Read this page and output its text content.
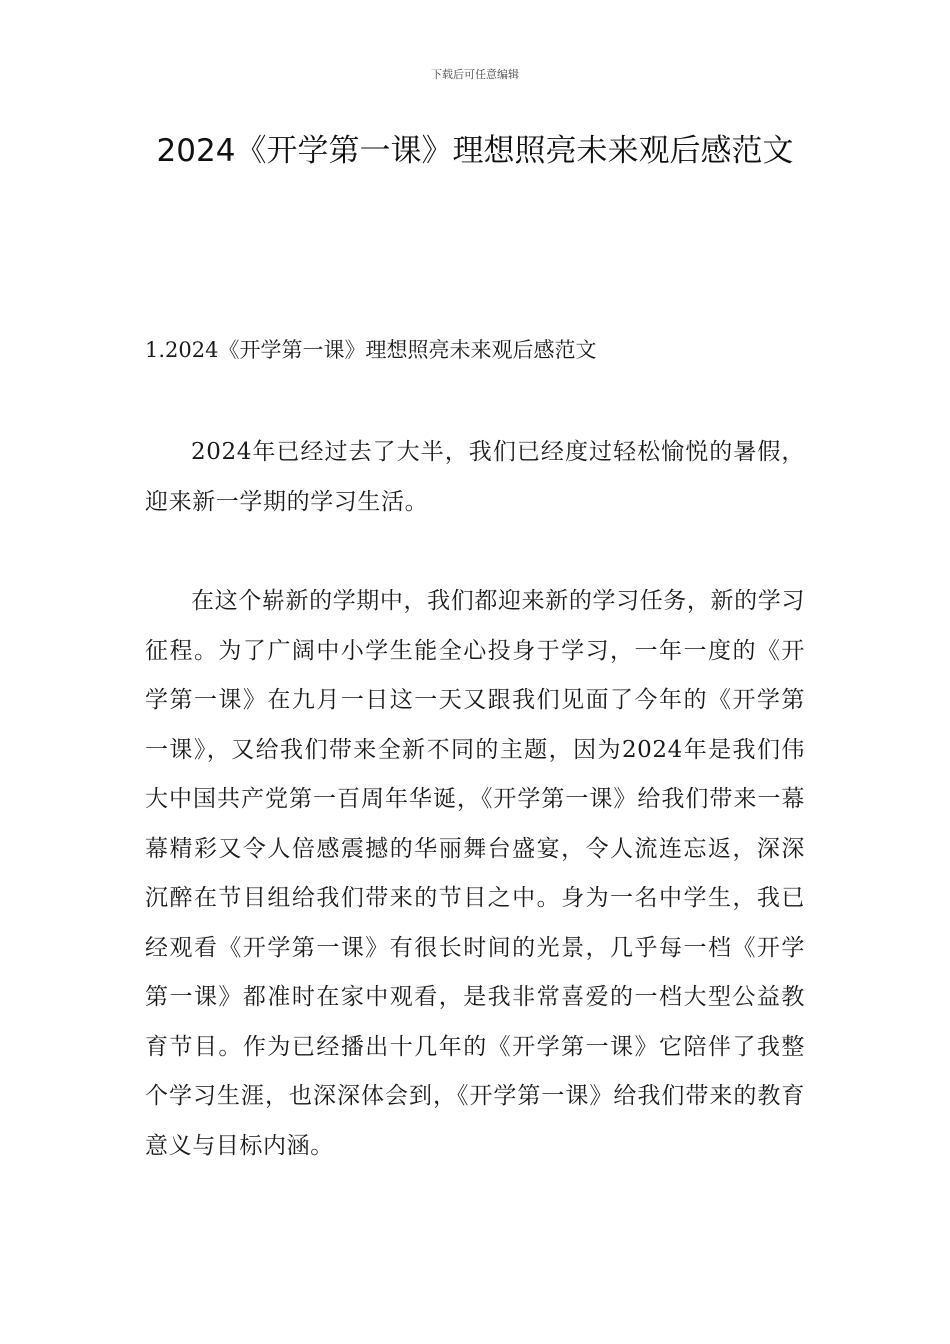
下载后可任意编辑
2024《开学第一课》理想照亮未来观后感范文
1.2024《开学第一课》理想照亮未来观后感范文

2024年已经过去了大半，我们已经度过轻松愉悦的暑假，迎来新一学期的学习生活。

在这个崭新的学期中，我们都迎来新的学习任务，新的学习征程。为了广阔中小学生能全心投身于学习，一年一度的《开学第一课》在九月一日这一天又跟我们见面了今年的《开学第一课》，又给我们带来全新不同的主题，因为2024年是我们伟大中国共产党第一百周年华诞，《开学第一课》给我们带来一幕幕精彩又令人倍感震撼的华丽舞台盛宴，令人流连忘返，深深沉醉在节目组给我们带来的节目之中。身为一名中学生，我已经观看《开学第一课》有很长时间的光景，几乎每一档《开学第一课》都准时在家中观看，是我非常喜爱的一档大型公益教育节目。作为已经播出十几年的《开学第一课》它陪伴了我整个学习生涯，也深深体会到，《开学第一课》给我们带来的教育意义与目标内涵。
